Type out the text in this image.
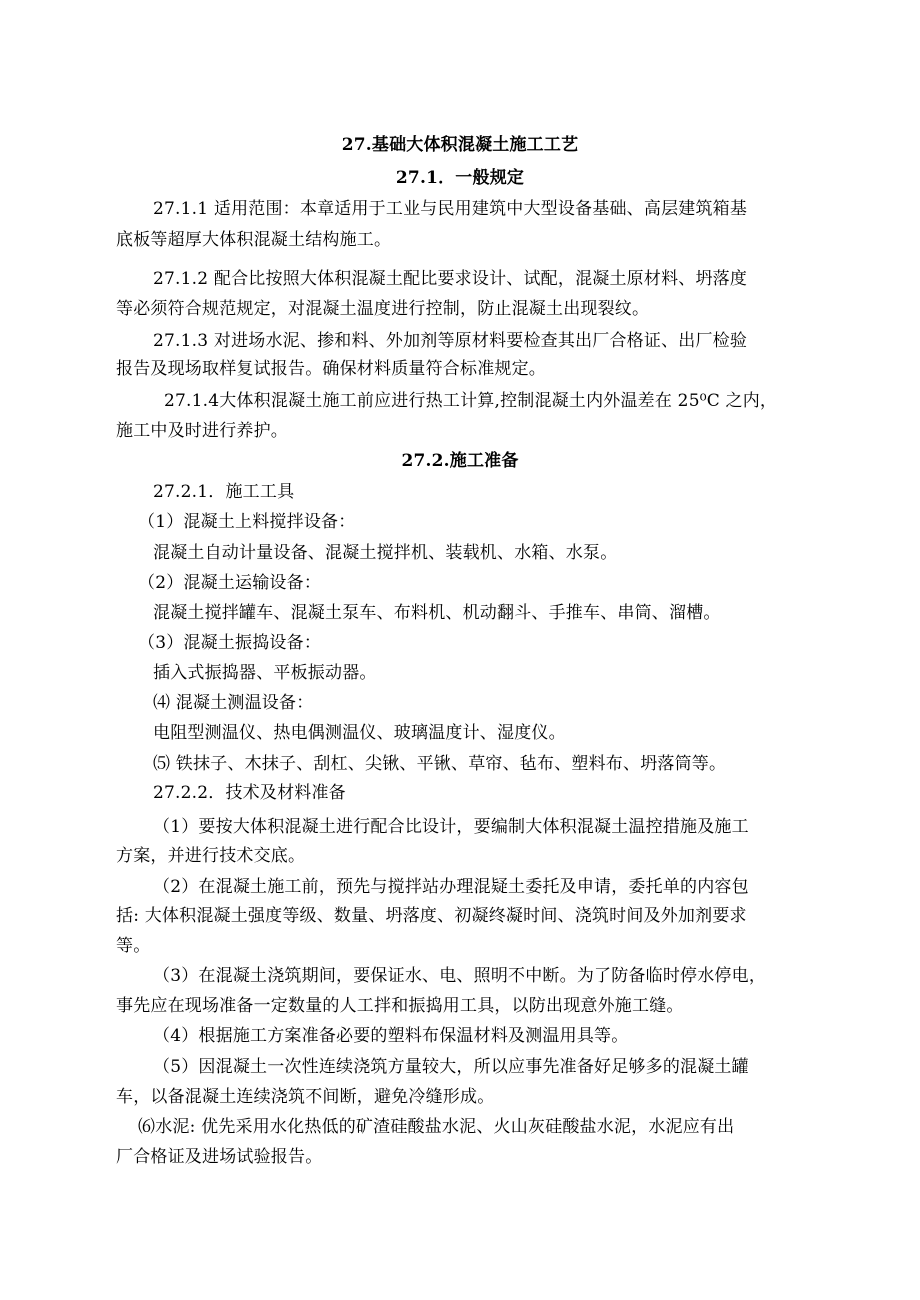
27.基础大体积混凝土施工工艺
27.1．一般规定
27.1.1 适用范围：本章适用于工业与民用建筑中大型设备基础、高层建筑箱基
底板等超厚大体积混凝土结构施工。
27.1.2 配合比按照大体积混凝土配比要求设计、试配，混凝土原材料、坍落度
等必须符合规范规定，对混凝土温度进行控制，防止混凝土出现裂纹。
27.1.3 对进场水泥、掺和料、外加剂等原材料要检查其出厂合格证、出厂检验
报告及现场取样复试报告。确保材料质量符合标准规定。
27.1.4大体积混凝土施工前应进行热工计算,控制混凝土内外温差在 25⁰C 之内，
施工中及时进行养护。
27.2.施工准备
27.2.1．施工工具
（1）混凝土上料搅拌设备：
混凝土自动计量设备、混凝土搅拌机、装载机、水箱、水泵。
（2）混凝土运输设备：
混凝土搅拌罐车、混凝土泵车、布料机、机动翻斗、手推车、串筒、溜槽。
（3）混凝土振捣设备：
插入式振捣器、平板振动器。
⑷ 混凝土测温设备：
电阻型测温仪、热电偶测温仪、玻璃温度计、湿度仪。
⑸ 铁抹子、木抹子、刮杠、尖锹、平锹、草帘、毡布、塑料布、坍落筒等。
27.2.2．技术及材料准备
（1）要按大体积混凝土进行配合比设计，要编制大体积混凝土温控措施及施工
方案，并进行技术交底。
（2）在混凝土施工前，预先与搅拌站办理混疑土委托及申请，委托单的内容包
括: 大体积混凝土强度等级、数量、坍落度、初凝终凝时间、浇筑时间及外加剂要求
等。
（3）在混凝土浇筑期间，要保证水、电、照明不中断。为了防备临时停水停电，
事先应在现场准备一定数量的人工拌和振捣用工具，以防出现意外施工缝。
（4）根据施工方案准备必要的塑料布保温材料及测温用具等。
（5）因混凝土一次性连续浇筑方量较大，所以应事先准备好足够多的混凝土罐
车，以备混凝土连续浇筑不间断，避免冷缝形成。
⑹水泥: 优先采用水化热低的矿渣硅酸盐水泥、火山灰硅酸盐水泥，水泥应有出
厂合格证及进场试验报告。
